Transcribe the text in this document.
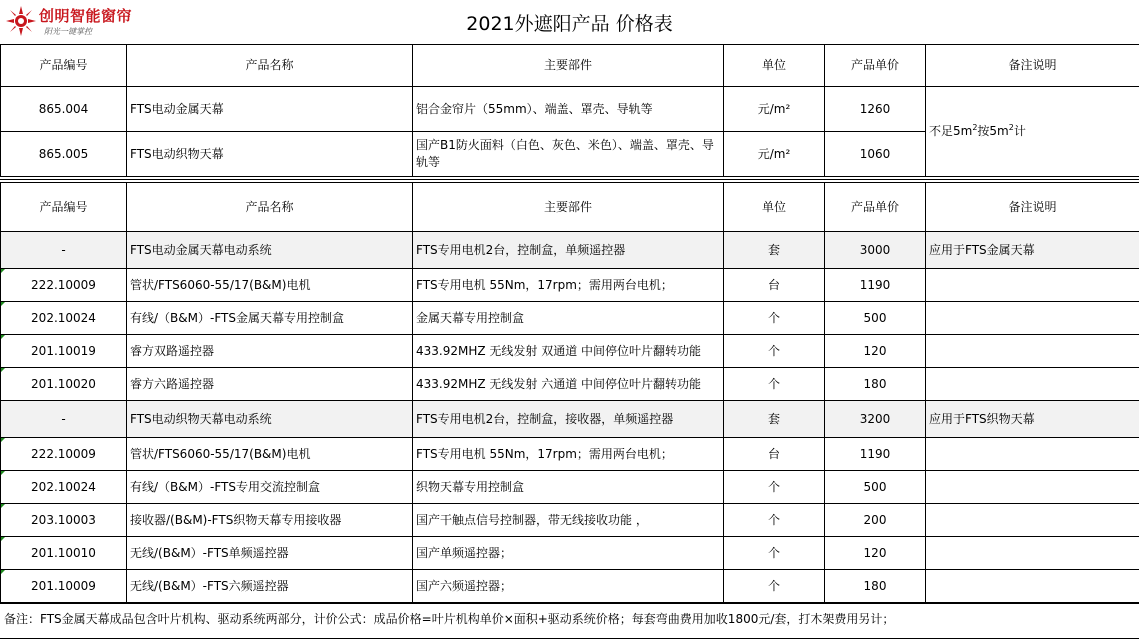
创明智能窗帘
阳光一键掌控	2021外遮阳产品 价格表
产品编号	产品名称	主要部件	单位	产品单价	备注说明
865.004	FTS电动金属天幕	铝合金帘片（55mm）、端盖、罩壳、导轨等	元/m²	1260	不足$5m^2$按$5m^2$计
865.005	FTS电动织物天幕	国产B1防火面料（白色、灰色、米色）、端盖、罩壳、导轨等	元/m²	1060	
产品编号	产品名称	主要部件	单位	产品单价	备注说明
-	FTS电动金属天幕电动系统	FTS专用电机2台，控制盒，单频遥控器	套	3000	应用于FTS金属天幕
222.10009	管状/FTS6060-55/17(B&M)电机	FTS专用电机 55Nm，17rpm；需用两台电机；	台	1190	
202.10024	有线/（B&M）-FTS金属天幕专用控制盒	金属天幕专用控制盒	个	500	
201.10019	睿方双路遥控器	433.92MHZ 无线发射 双通道 中间停位叶片翻转功能	个	120	
201.10020	睿方六路遥控器	433.92MHZ 无线发射 六通道 中间停位叶片翻转功能	个	180	
-	FTS电动织物天幕电动系统	FTS专用电机2台，控制盒，接收器，单频遥控器	套	3200	应用于FTS织物天幕
222.10009	管状/FTS6060-55/17(B&M)电机	FTS专用电机 55Nm，17rpm；需用两台电机；	台	1190	
202.10024	有线/（B&M）-FTS专用交流控制盒	织物天幕专用控制盒	个	500	
203.10003	接收器/(B&M)-FTS织物天幕专用接收器	国产干触点信号控制器，带无线接收功能 ，	个	200	
201.10010	无线/(B&M）-FTS单频遥控器	国产单频遥控器；	个	120	
201.10009	无线/(B&M）-FTS六频遥控器	国产六频遥控器；	个	180	
备注：FTS金属天幕成品包含叶片机构、驱动系统两部分，计价公式：成品价格=叶片机构单价×面积+驱动系统价格；每套弯曲费用加收1800元/套，打木架费用另计；
